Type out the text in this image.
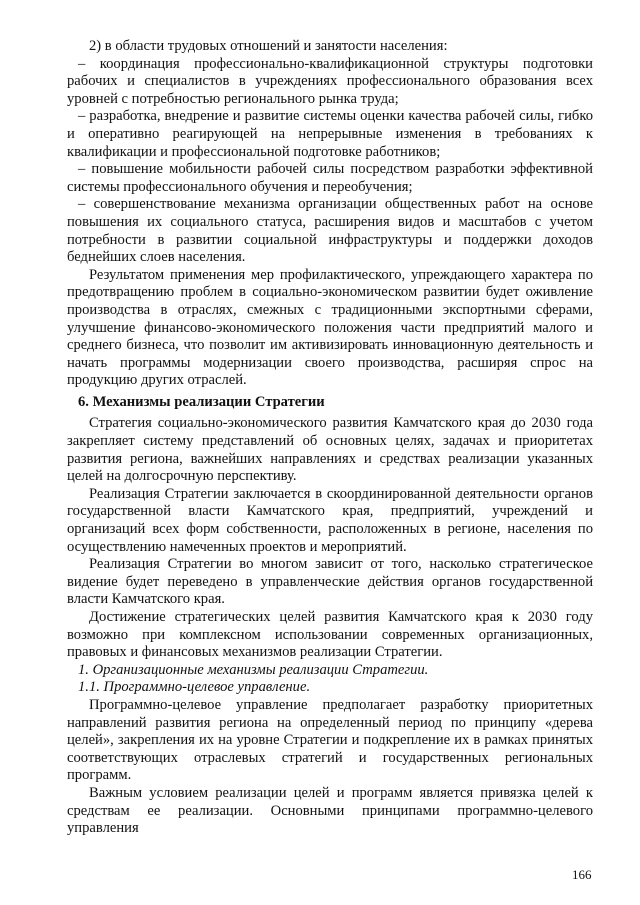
2) в области трудовых отношений и занятости населения:

– координация профессионально-квалификационной структуры подготовки рабочих и специалистов в учреждениях профессионального образования всех уровней с потребностью регионального рынка труда;

– разработка, внедрение и развитие системы оценки качества рабочей силы, гибко и оперативно реагирующей на непрерывные изменения в требованиях к квалификации и профессиональной подготовке работников;

– повышение мобильности рабочей силы посредством разработки эффективной системы профессионального обучения и переобучения;

– совершенствование механизма организации общественных работ на основе повышения их социального статуса, расширения видов и масштабов с учетом потребности в развитии социальной инфраструктуры и поддержки доходов беднейших слоев населения.

Результатом применения мер профилактического, упреждающего характера по предотвращению проблем в социально-экономическом развитии будет оживление производства в отраслях, смежных с традиционными экспортными сферами, улучшение финансово-экономического положения части предприятий малого и среднего бизнеса, что позволит им активизировать инновационную деятельность и начать программы модернизации своего производства, расширяя спрос на продукцию других отраслей.

6. Механизмы реализации Стратегии

Стратегия социально-экономического развития Камчатского края до 2030 года закрепляет систему представлений об основных целях, задачах и приоритетах развития региона, важнейших направлениях и средствах реализации указанных целей на долгосрочную перспективу.

Реализация Стратегии заключается в скоординированной деятельности органов государственной власти Камчатского края, предприятий, учреждений и организаций всех форм собственности, расположенных в регионе, населения по осуществлению намеченных проектов и мероприятий.

Реализация Стратегии во многом зависит от того, насколько стратегическое видение будет переведено в управленческие действия органов государственной власти Камчатского края.

Достижение стратегических целей развития Камчатского края к 2030 году возможно при комплексном использовании современных организационных, правовых и финансовых механизмов реализации Стратегии.

1. Организационные механизмы реализации Стратегии.

1.1. Программно-целевое управление.

Программно-целевое управление предполагает разработку приоритетных направлений развития региона на определенный период по принципу «дерева целей», закрепления их на уровне Стратегии и подкрепление их в рамках принятых соответствующих отраслевых стратегий и государственных региональных программ.

Важным условием реализации целей и программ является привязка целей к средствам ее реализации. Основными принципами программно-целевого управления

166
